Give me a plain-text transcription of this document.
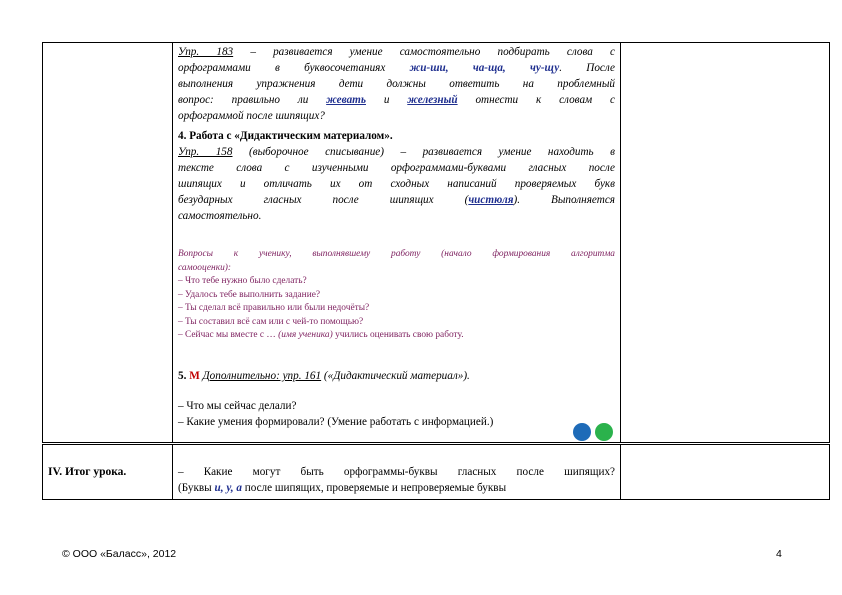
Упр. 183 – развивается умение самостоятельно подбирать слова с

орфограммами в буквосочетаниях жи-ши, ча-ща, чу-щу. После

выполнения упражнения дети должны ответить на проблемный

вопрос: правильно ли жевать и железный отнести к словам с

орфограммой после шипящих?

4. Работа с «Дидактическим материалом».

Упр. 158 (выборочное списывание) – развивается умение находить в

тексте слова с изученными орфограммами-буквами гласных после

шипящих и отличать их от сходных написаний проверяемых букв

безударных гласных после шипящих (чистюля). Выполняется

самостоятельно.

Вопросы к ученику, выполнявшему работу (начало формирования алгоритма

самооценки):

– Что тебе нужно было сделать?

– Удалось тебе выполнить задание?

– Ты сделал всё правильно или были недочёты?

– Ты составил всё сам или с чей-то помощью?

– Сейчас мы вместе с … (имя ученика) учились оценивать свою работу.

5. М Дополнительно: упр. 161 («Дидактический материал»).

– Что мы сейчас делали?

– Какие умения формировали? (Умение работать с информацией.)

IV. Итог урока.	– Какие могут быть орфограммы-буквы гласных после шипящих?

(Буквы и, у, а после шипящих, проверяемые и непроверяемые буквы

© ООО «Баласс», 2012	4
